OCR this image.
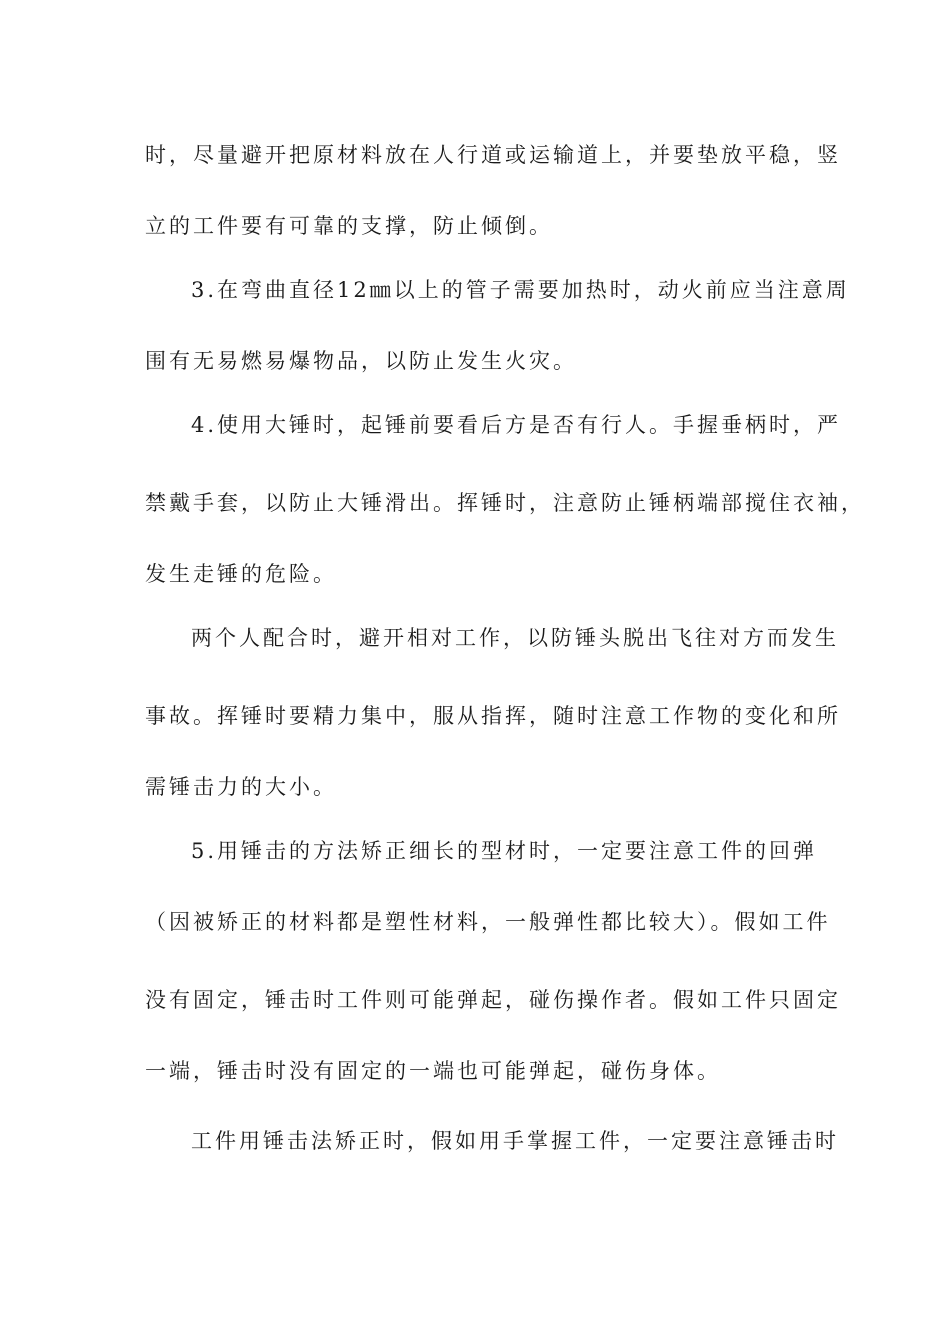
时，尽量避开把原材料放在人行道或运输道上，并要垫放平稳，竖
立的工件要有可靠的支撑，防止倾倒。
3.在弯曲直径12㎜以上的管子需要加热时，动火前应当注意周
围有无易燃易爆物品，以防止发生火灾。
4.使用大锤时，起锤前要看后方是否有行人。手握垂柄时，严
禁戴手套，以防止大锤滑出。挥锤时，注意防止锤柄端部搅住衣袖，
发生走锤的危险。
两个人配合时，避开相对工作，以防锤头脱出飞往对方而发生
事故。挥锤时要精力集中，服从指挥，随时注意工作物的变化和所
需锤击力的大小。
5.用锤击的方法矫正细长的型材时，一定要注意工件的回弹
（因被矫正的材料都是塑性材料，一般弹性都比较大）。假如工件
没有固定，锤击时工件则可能弹起，碰伤操作者。假如工件只固定
一端，锤击时没有固定的一端也可能弹起，碰伤身体。
工件用锤击法矫正时，假如用手掌握工件，一定要注意锤击时
